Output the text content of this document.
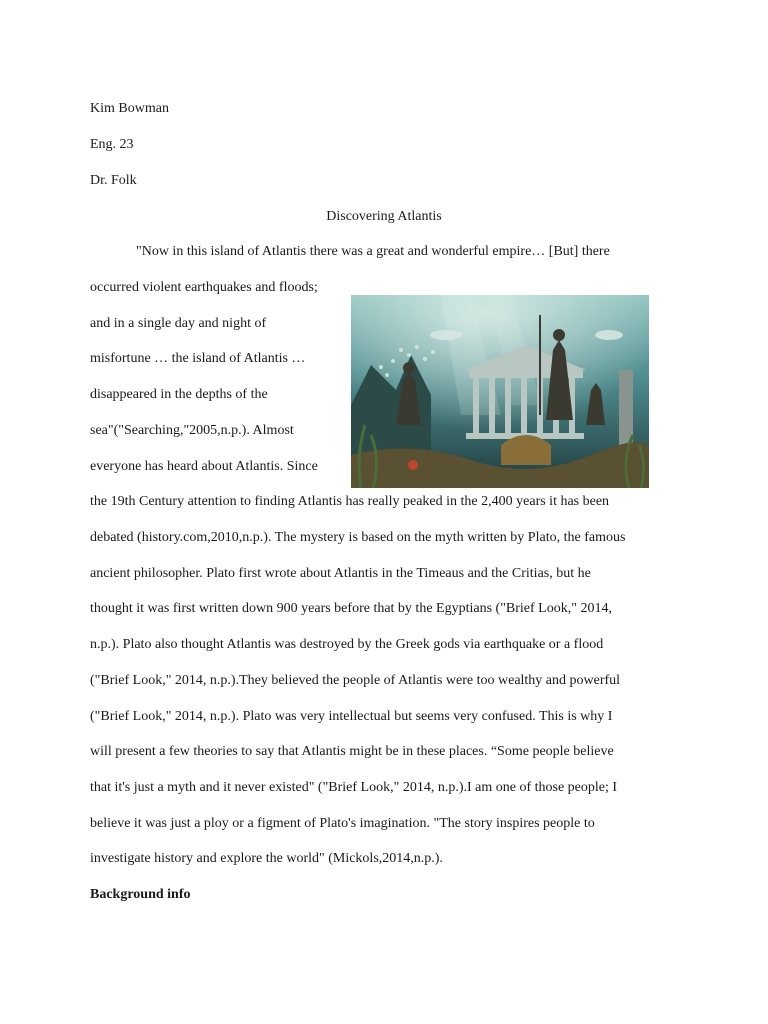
Kim Bowman
Eng. 23
Dr. Folk
Discovering Atlantis
"Now in this island of Atlantis there was a great and wonderful empire… [But] there
occurred violent earthquakes and floods;
and in a single day and night of
misfortune … the island of Atlantis …
disappeared in the depths of the
sea"("Searching,"2005,n.p.). Almost
everyone has heard about Atlantis. Since
the 19th Century attention to finding Atlantis has really peaked in the 2,400 years it has been
debated (history.com,2010,n.p.). The mystery is based on the myth written by Plato, the famous
ancient philosopher. Plato first wrote about Atlantis in the Timeaus and the Critias, but he
thought it was first written down 900 years before that by the Egyptians ("Brief Look," 2014,
n.p.). Plato also thought Atlantis was destroyed by the Greek gods via earthquake or a flood
("Brief Look," 2014, n.p.).They believed the people of Atlantis were too wealthy and powerful
("Brief Look," 2014, n.p.). Plato was very intellectual but seems very confused. This is why I
will present a few theories to say that Atlantis might be in these places. “Some people believe
that it's just a myth and it never existed" ("Brief Look," 2014, n.p.).I am one of those people; I
believe it was just a ploy or a figment of Plato's imagination. "The story inspires people to
investigate history and explore the world" (Mickols,2014,n.p.).
Background info
